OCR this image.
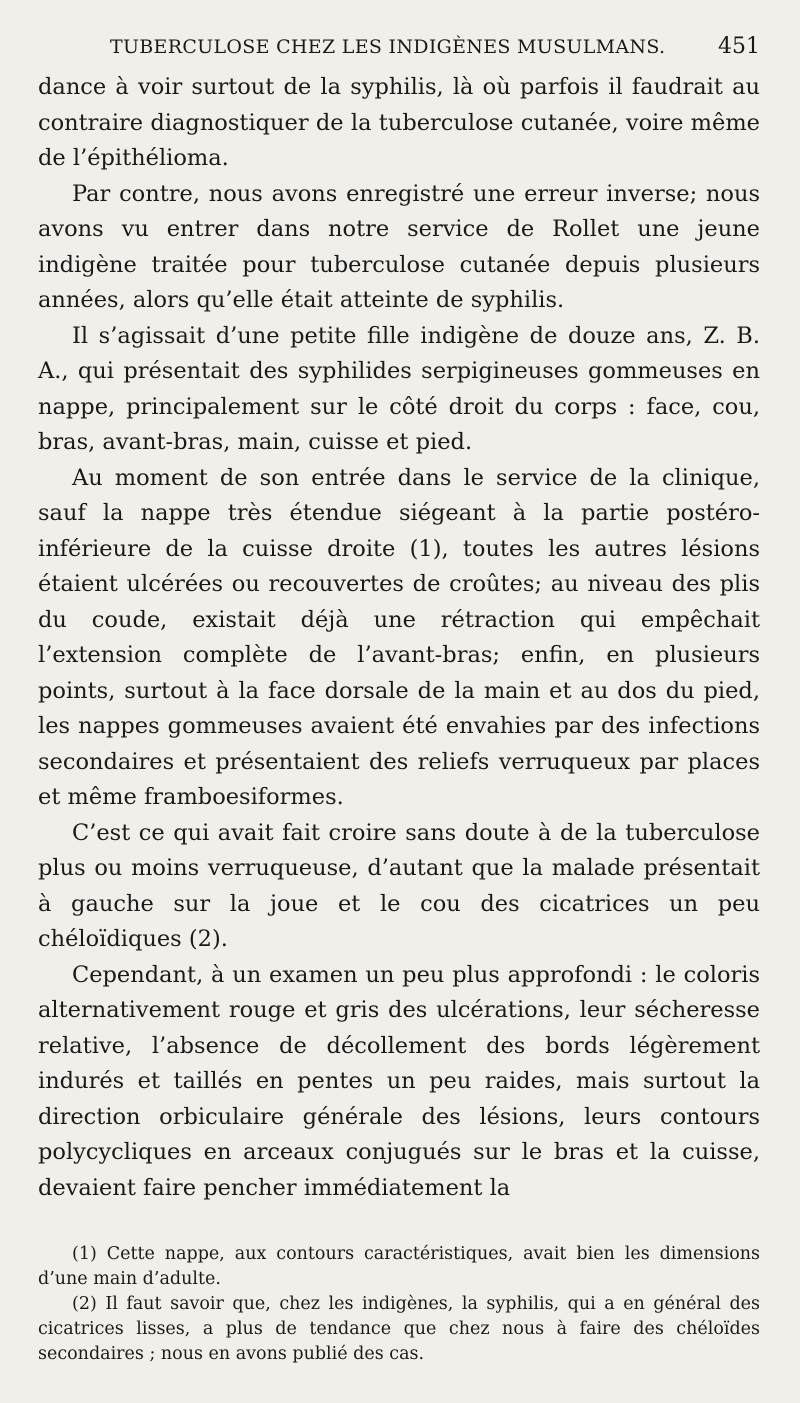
TUBERCULOSE CHEZ LES INDIGÈNES MUSULMANS. 451

dance à voir surtout de la syphilis, là où parfois il faudrait au contraire diagnostiquer de la tuberculose cutanée, voire même de l’épithélioma.

Par contre, nous avons enregistré une erreur inverse; nous avons vu entrer dans notre service de Rollet une jeune indigène traitée pour tuberculose cutanée depuis plusieurs années, alors qu’elle était atteinte de syphilis.

Il s’agissait d’une petite fille indigène de douze ans, Z. B. A., qui présentait des syphilides serpigineuses gommeuses en nappe, principalement sur le côté droit du corps : face, cou, bras, avant-bras, main, cuisse et pied.

Au moment de son entrée dans le service de la clinique, sauf la nappe très étendue siégeant à la partie postéro-inférieure de la cuisse droite (1), toutes les autres lésions étaient ulcérées ou recouvertes de croûtes; au niveau des plis du coude, existait déjà une rétraction qui empêchait l’extension complète de l’avant-bras; enfin, en plusieurs points, surtout à la face dorsale de la main et au dos du pied, les nappes gommeuses avaient été envahies par des infections secondaires et présentaient des reliefs verruqueux par places et même framboesiformes.

C’est ce qui avait fait croire sans doute à de la tuberculose plus ou moins verruqueuse, d’autant que la malade présentait à gauche sur la joue et le cou des cicatrices un peu chéloïdiques (2).

Cependant, à un examen un peu plus approfondi : le coloris alternativement rouge et gris des ulcérations, leur sécheresse relative, l’absence de décollement des bords légèrement indurés et taillés en pentes un peu raides, mais surtout la direction orbiculaire générale des lésions, leurs contours polycycliques en arceaux conjugués sur le bras et la cuisse, devaient faire pencher immédiatement la

(1) Cette nappe, aux contours caractéristiques, avait bien les dimensions d’une main d’adulte.

(2) Il faut savoir que, chez les indigènes, la syphilis, qui a en général des cicatrices lisses, a plus de tendance que chez nous à faire des chéloïdes secondaires ; nous en avons publié des cas.
